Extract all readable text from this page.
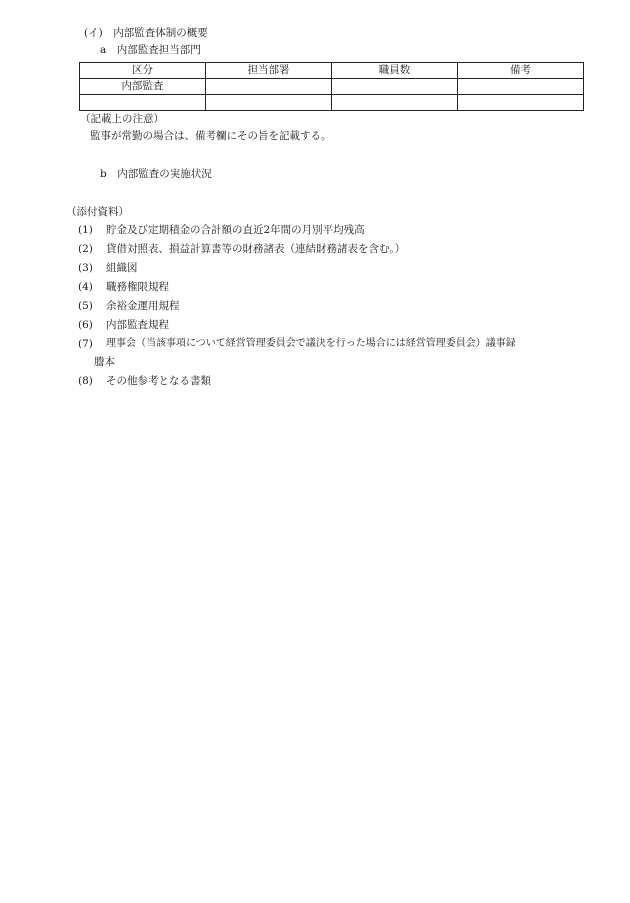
(イ)　内部監査体制の概要
a　内部監査担当部門
区分	担当部署	職員数	備考
内部監査			

（記載上の注意）
監事が常勤の場合は、備考欄にその旨を記載する。
b　内部監査の実施状況
（添付資料）
(1)	貯金及び定期積金の合計額の直近2年間の月別平均残高
(2)	貸借対照表、損益計算書等の財務諸表（連結財務諸表を含む。）
(3)	組織図
(4)	職務権限規程
(5)	余裕金運用規程
(6)	内部監査規程
(7)	理事会（当該事項について経営管理委員会で議決を行った場合には経営管理委員会）議事録
謄本
(8)	その他参考となる書類
